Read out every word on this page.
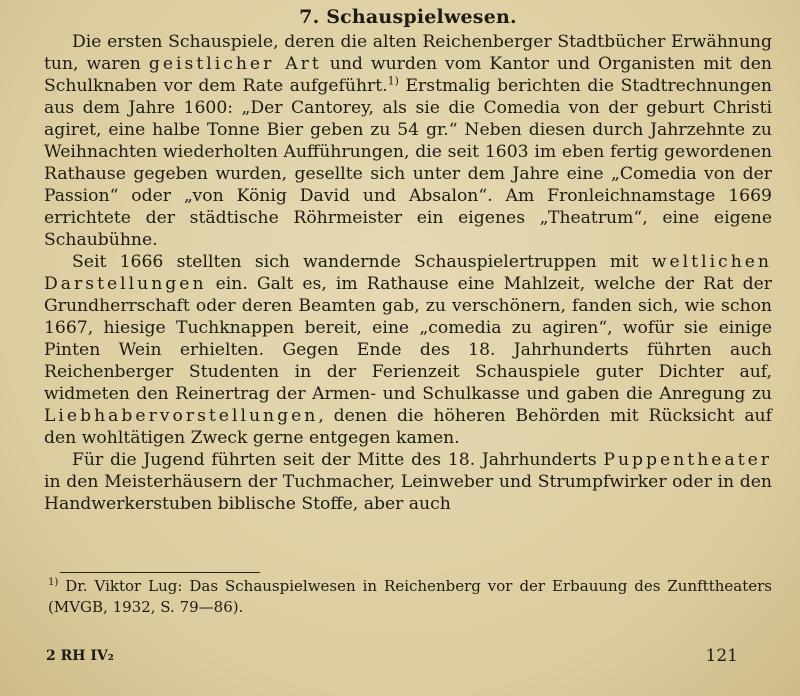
7. Schauspielwesen.

Die ersten Schauspiele, deren die alten Reichenberger Stadtbücher Erwähnung tun, waren geistlicher Art und wurden vom Kantor und Organisten mit den Schulknaben vor dem Rate aufgeführt.$^{1)}$ Erstmalig berichten die Stadtrechnungen aus dem Jahre 1600: „Der Cantorey, als sie die Comedia von der geburt Christi agiret, eine halbe Tonne Bier geben zu 54 gr.“ Neben diesen durch Jahrzehnte zu Weihnachten wiederholten Aufführungen, die seit 1603 im eben fertig gewordenen Rathause gegeben wurden, gesellte sich unter dem Jahre eine „Comedia von der Passion“ oder „von König David und Absalon“. Am Fronleichnamstage 1669 errichtete der städtische Röhrmeister ein eigenes „Theatrum“, eine eigene Schaubühne.

Seit 1666 stellten sich wandernde Schauspielertruppen mit weltlichen Darstellungen ein. Galt es, im Rathause eine Mahlzeit, welche der Rat der Grundherrschaft oder deren Beamten gab, zu verschönern, fanden sich, wie schon 1667, hiesige Tuchknappen bereit, eine „comedia zu agiren“, wofür sie einige Pinten Wein erhielten. Gegen Ende des 18. Jahrhunderts führten auch Reichenberger Studenten in der Ferienzeit Schauspiele guter Dichter auf, widmeten den Reinertrag der Armen- und Schulkasse und gaben die Anregung zu Liebhabervorstellungen, denen die höheren Behörden mit Rücksicht auf den wohltätigen Zweck gerne entgegen kamen.

Für die Jugend führten seit der Mitte des 18. Jahrhunderts Puppentheater in den Meisterhäusern der Tuchmacher, Leinweber und Strumpfwirker oder in den Handwerkerstuben biblische Stoffe, aber auch

$^{1)}$ Dr. Viktor Lug: Das Schauspielwesen in Reichenberg vor der Erbauung des Zunfttheaters (MVGB, 1932, S. 79—86).
2 RH IV₂	121
